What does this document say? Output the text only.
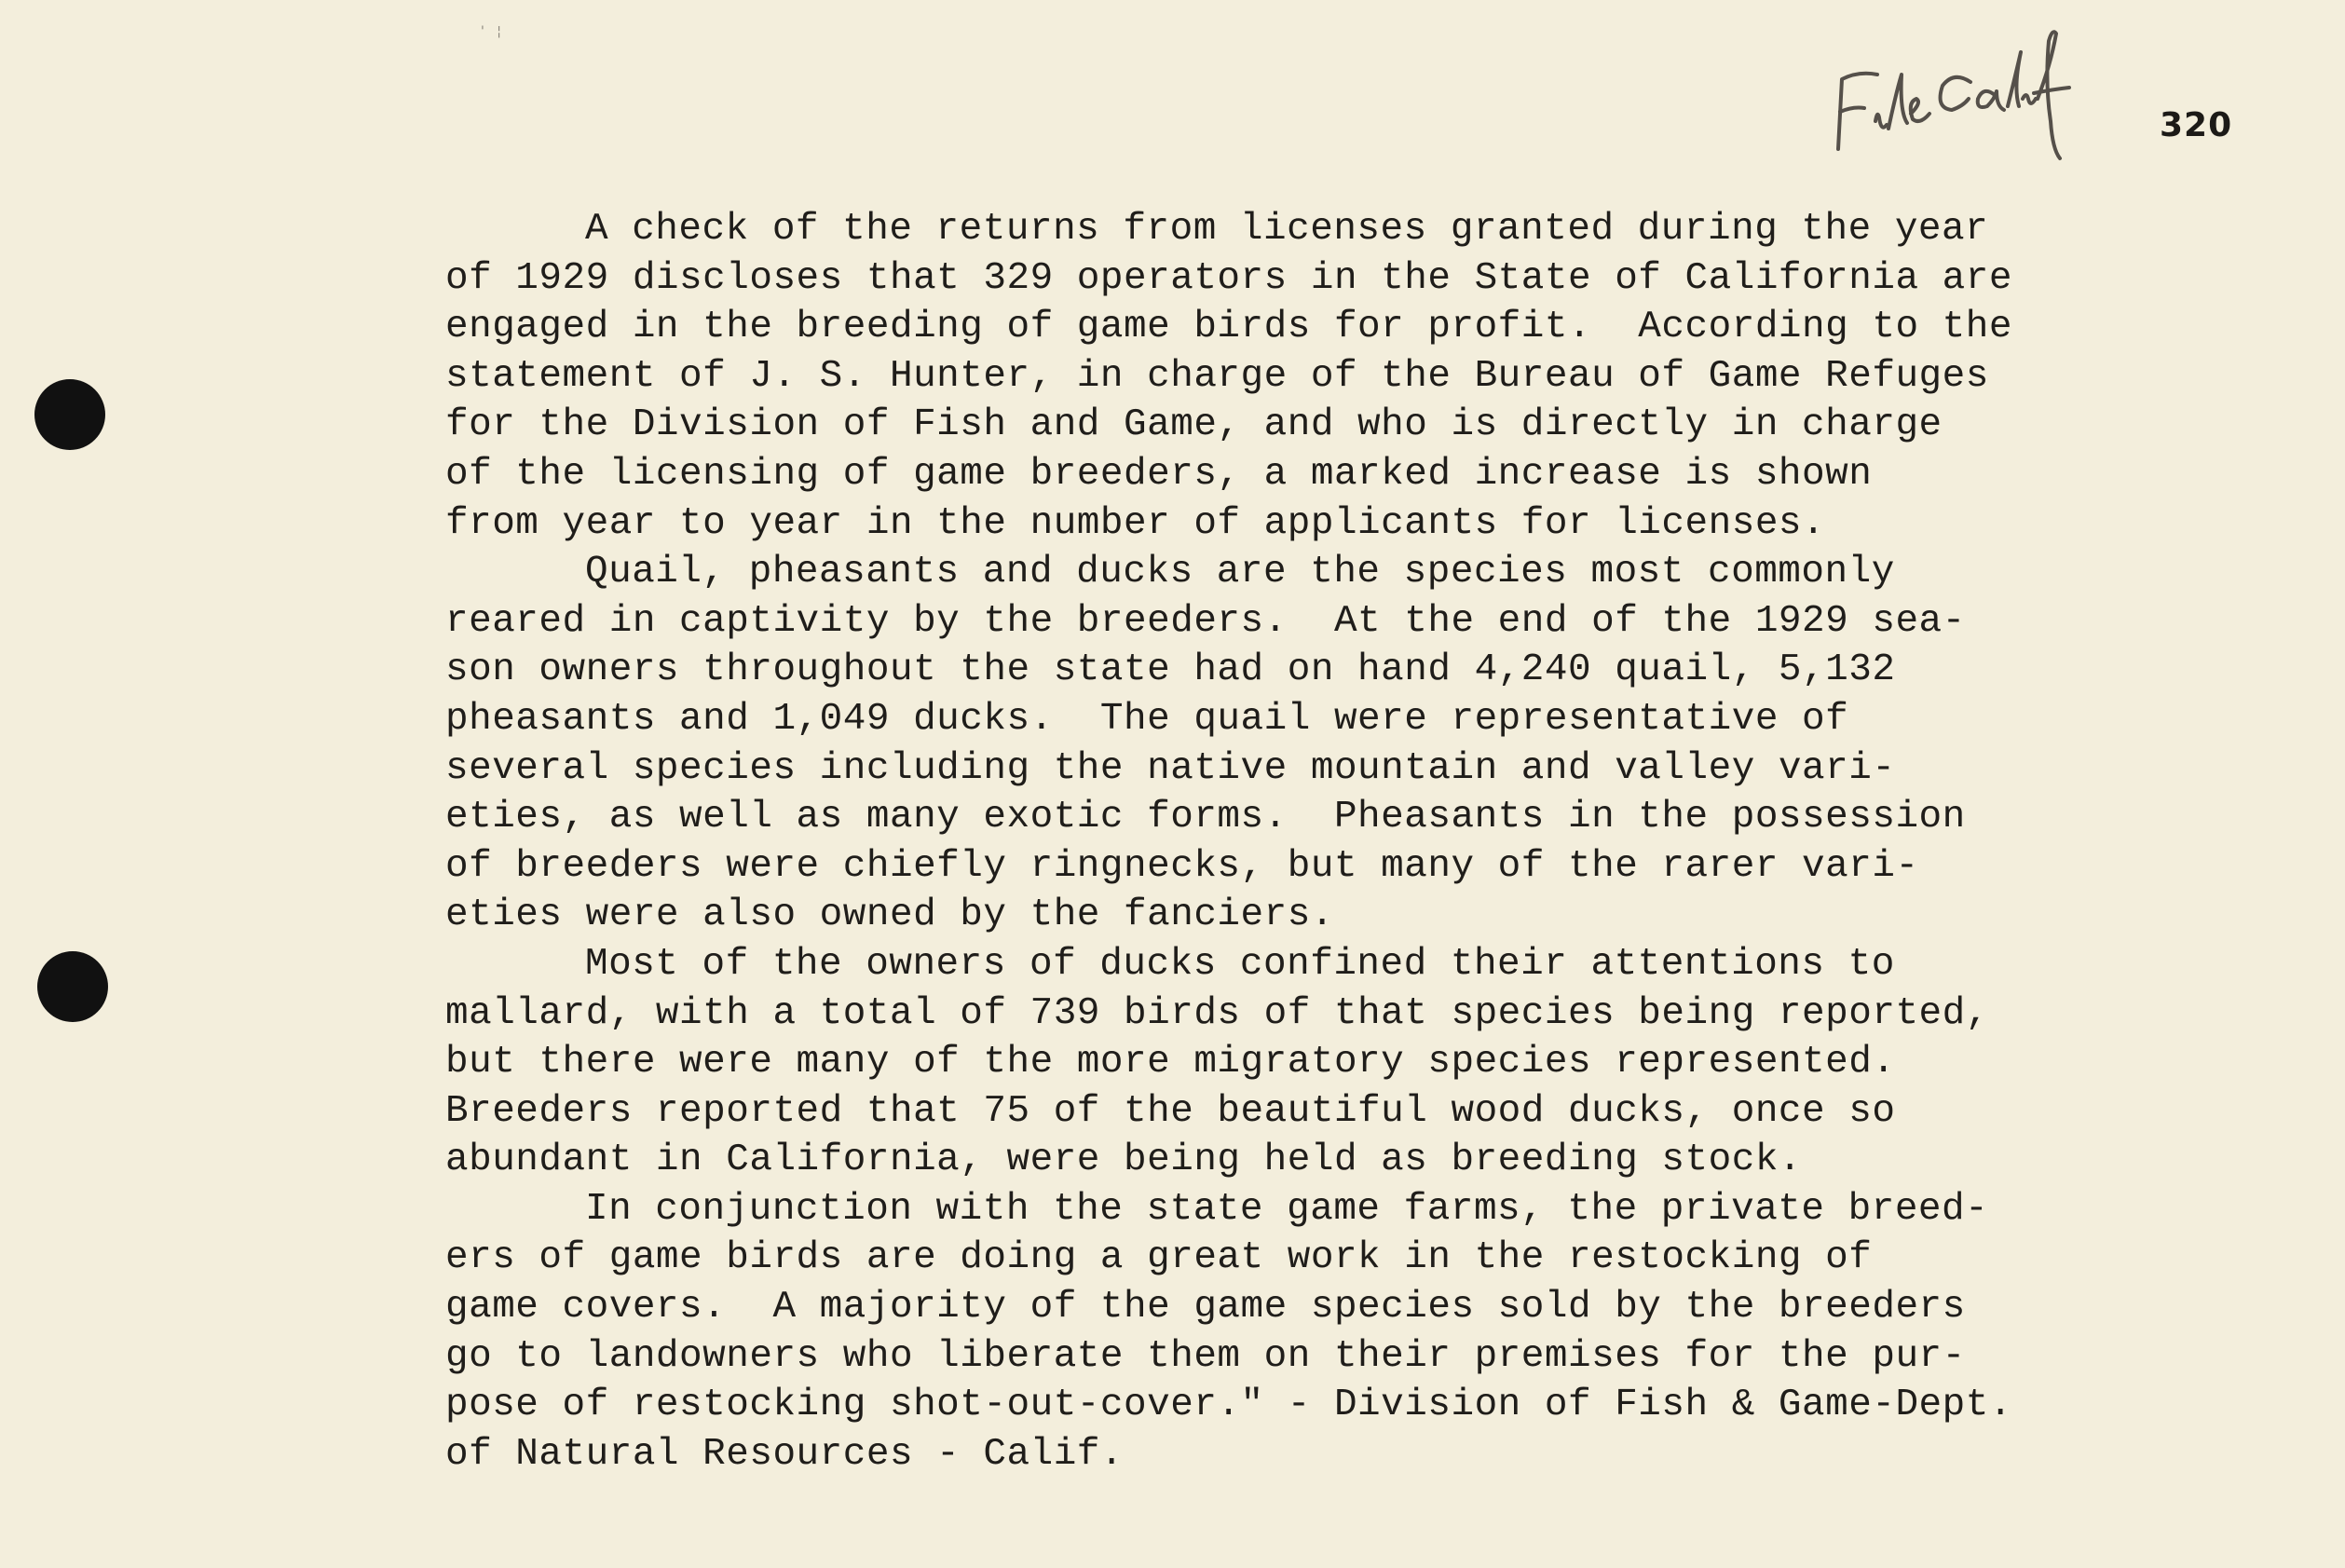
320
'   ¦
A check of the returns from licenses granted during the year
of 1929 discloses that 329 operators in the State of California are
engaged in the breeding of game birds for profit.  According to the
statement of J. S. Hunter, in charge of the Bureau of Game Refuges
for the Division of Fish and Game, and who is directly in charge
of the licensing of game breeders, a marked increase is shown
from year to year in the number of applicants for licenses.
Quail, pheasants and ducks are the species most commonly
reared in captivity by the breeders.  At the end of the 1929 sea-
son owners throughout the state had on hand 4,240 quail, 5,132
pheasants and 1,049 ducks.  The quail were representative of
several species including the native mountain and valley vari-
eties, as well as many exotic forms.  Pheasants in the possession
of breeders were chiefly ringnecks, but many of the rarer vari-
eties were also owned by the fanciers.
Most of the owners of ducks confined their attentions to
mallard, with a total of 739 birds of that species being reported,
but there were many of the more migratory species represented.
Breeders reported that 75 of the beautiful wood ducks, once so
abundant in California, were being held as breeding stock.
In conjunction with the state game farms, the private breed-
ers of game birds are doing a great work in the restocking of
game covers.  A majority of the game species sold by the breeders
go to landowners who liberate them on their premises for the pur-
pose of restocking shot-out-cover." - Division of Fish & Game-Dept.
of Natural Resources - Calif.
